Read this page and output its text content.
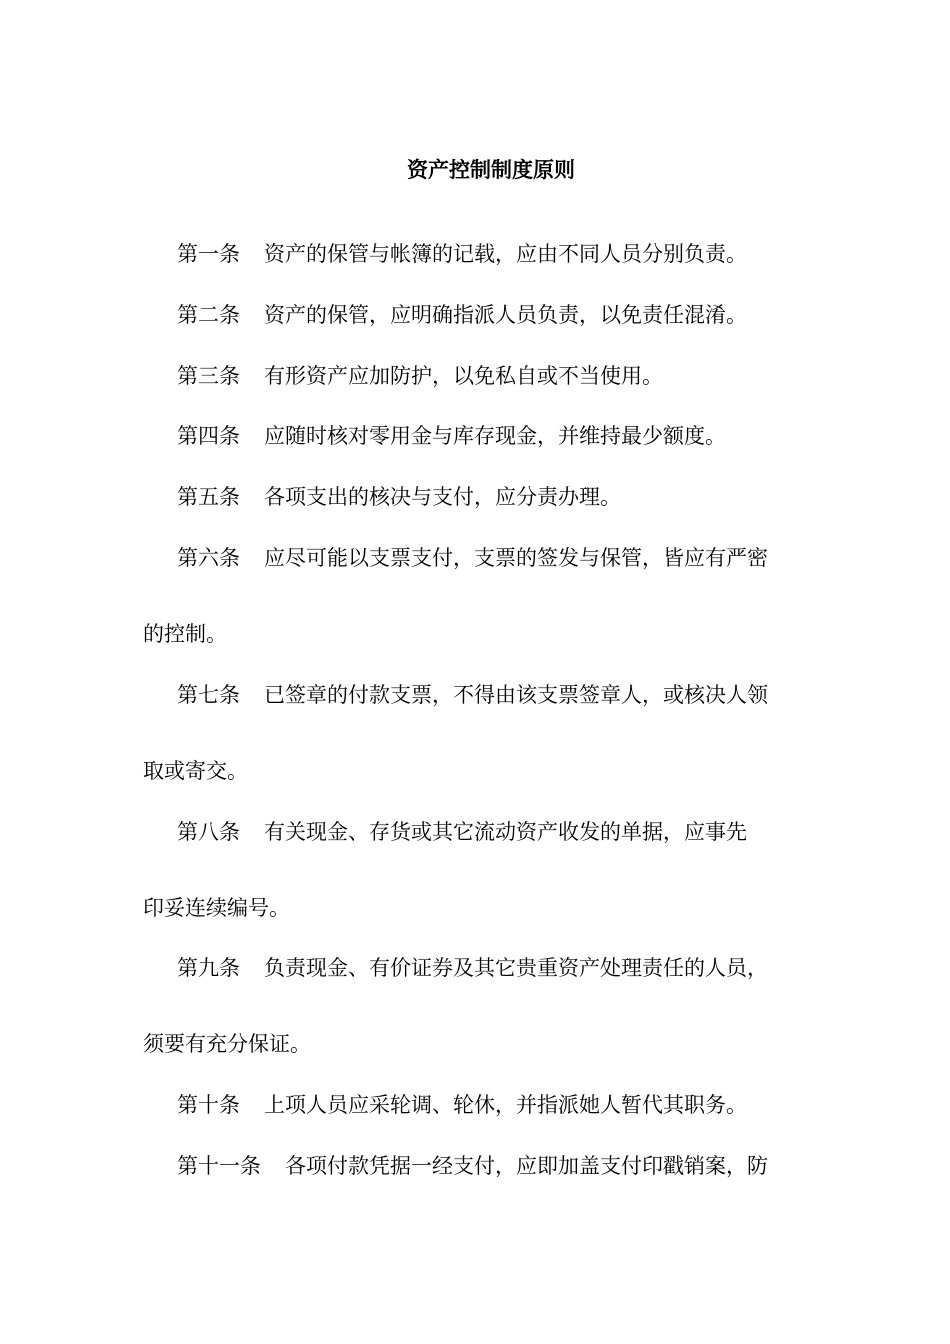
资产控制制度原则

第一条 资产的保管与帐簿的记载，应由不同人员分别负责。

第二条 资产的保管，应明确指派人员负责，以免责任混淆。

第三条 有形资产应加防护，以免私自或不当使用。

第四条 应随时核对零用金与库存现金，并维持最少额度。

第五条 各项支出的核决与支付，应分责办理。

第六条 应尽可能以支票支付，支票的签发与保管，皆应有严密

的控制。

第七条 已签章的付款支票，不得由该支票签章人，或核决人领

取或寄交。

第八条 有关现金、存货或其它流动资产收发的单据，应事先

印妥连续编号。

第九条 负责现金、有价证券及其它贵重资产处理责任的人员，

须要有充分保证。

第十条 上项人员应采轮调、轮休，并指派她人暂代其职务。

第十一条 各项付款凭据一经支付，应即加盖支付印戳销案，防
